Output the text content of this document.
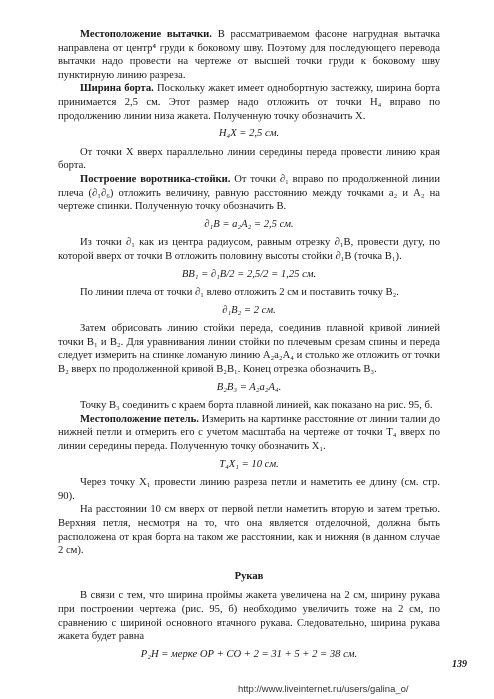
Местоположение вытачки. В рассматриваемом фасоне нагрудная вытачка направлена от центр⁴ груди к боковому шву. Поэтому для последующего перевода вытачки надо провести на чертеже от высшей точки груди к боковому шву пунктирную линию разреза.

Ширина борта. Поскольку жакет имеет однобортную застежку, ширина борта принимается 2,5 см. Этот размер надо отложить от точки Н₄ вправо по продолжению линии низа жакета. Полученную точку обозначить X.

H₄X = 2,5 см.

От точки X вверх параллельно линии середины переда провести линию края борта.

Построение воротника-стойки. От точки ∂₁ вправо по продолженной линии плеча (∂₁∂₆) отложить величину, равную расстоянию между точками а₂ и А₂ на чертеже спинки. Полученную точку обозначить В.

∂₁B = a₂A₂ = 2,5 см.

Из точки ∂₁ как из центра радиусом, равным отрезку ∂₁B, провести дугу, по которой вверх от точки B отложить половину высоты стойки ∂₁B (точка B₁).

BB₁ = ∂₁B/2 = 2,5/2 = 1,25 см.

По линии плеча от точки ∂₁ влево отложить 2 см и поставить точку В₂.

∂₁B₂ = 2 см.

Затем обрисовать линию стойки переда, соединив плавной кривой линией точки B₁ и B₂. Для уравнивания линии стойки по плечевым срезам спины и переда следует измерить на спинке ломаную линию A₂a₂A₄ и столько же отложить от точки B₂ вверх по продолженной кривой B₂B₁. Конец отрезка обозначить B₃.

B₂B₃ = A₂a₂A₄.

Точку B₃ соединить с краем борта плавной линией, как показано на рис. 95, б.

Местоположение петель. Измерить на картинке расстояние от линии талии до нижней петли и отмерить его с учетом масштаба на чертеже от точки Т₄ вверх по линии середины переда. Полученную точку обозначить X₁.

T₄X₁ = 10 см.

Через точку X₁ провести линию разреза петли и наметить ее длину (см. стр. 90).

На расстоянии 10 см вверх от первой петли наметить вторую и затем третью. Верхняя петля, несмотря на то, что она является отделочной, должна быть расположена от края борта на таком же расстоянии, как и нижняя (в данном случае 2 см).

Рукав

В связи с тем, что ширина проймы жакета увеличена на 2 см, ширину рукава при построении чертежа (рис. 95, б) необходимо увеличить тоже на 2 см, по сравнению с шириной основного втачного рукава. Следовательно, ширина рукава жакета будет равна

P₂H = мерке ОР + СО + 2 = 31 + 5 + 2 = 38 см.
139
http://www.liveinternet.ru/users/galina_o/
